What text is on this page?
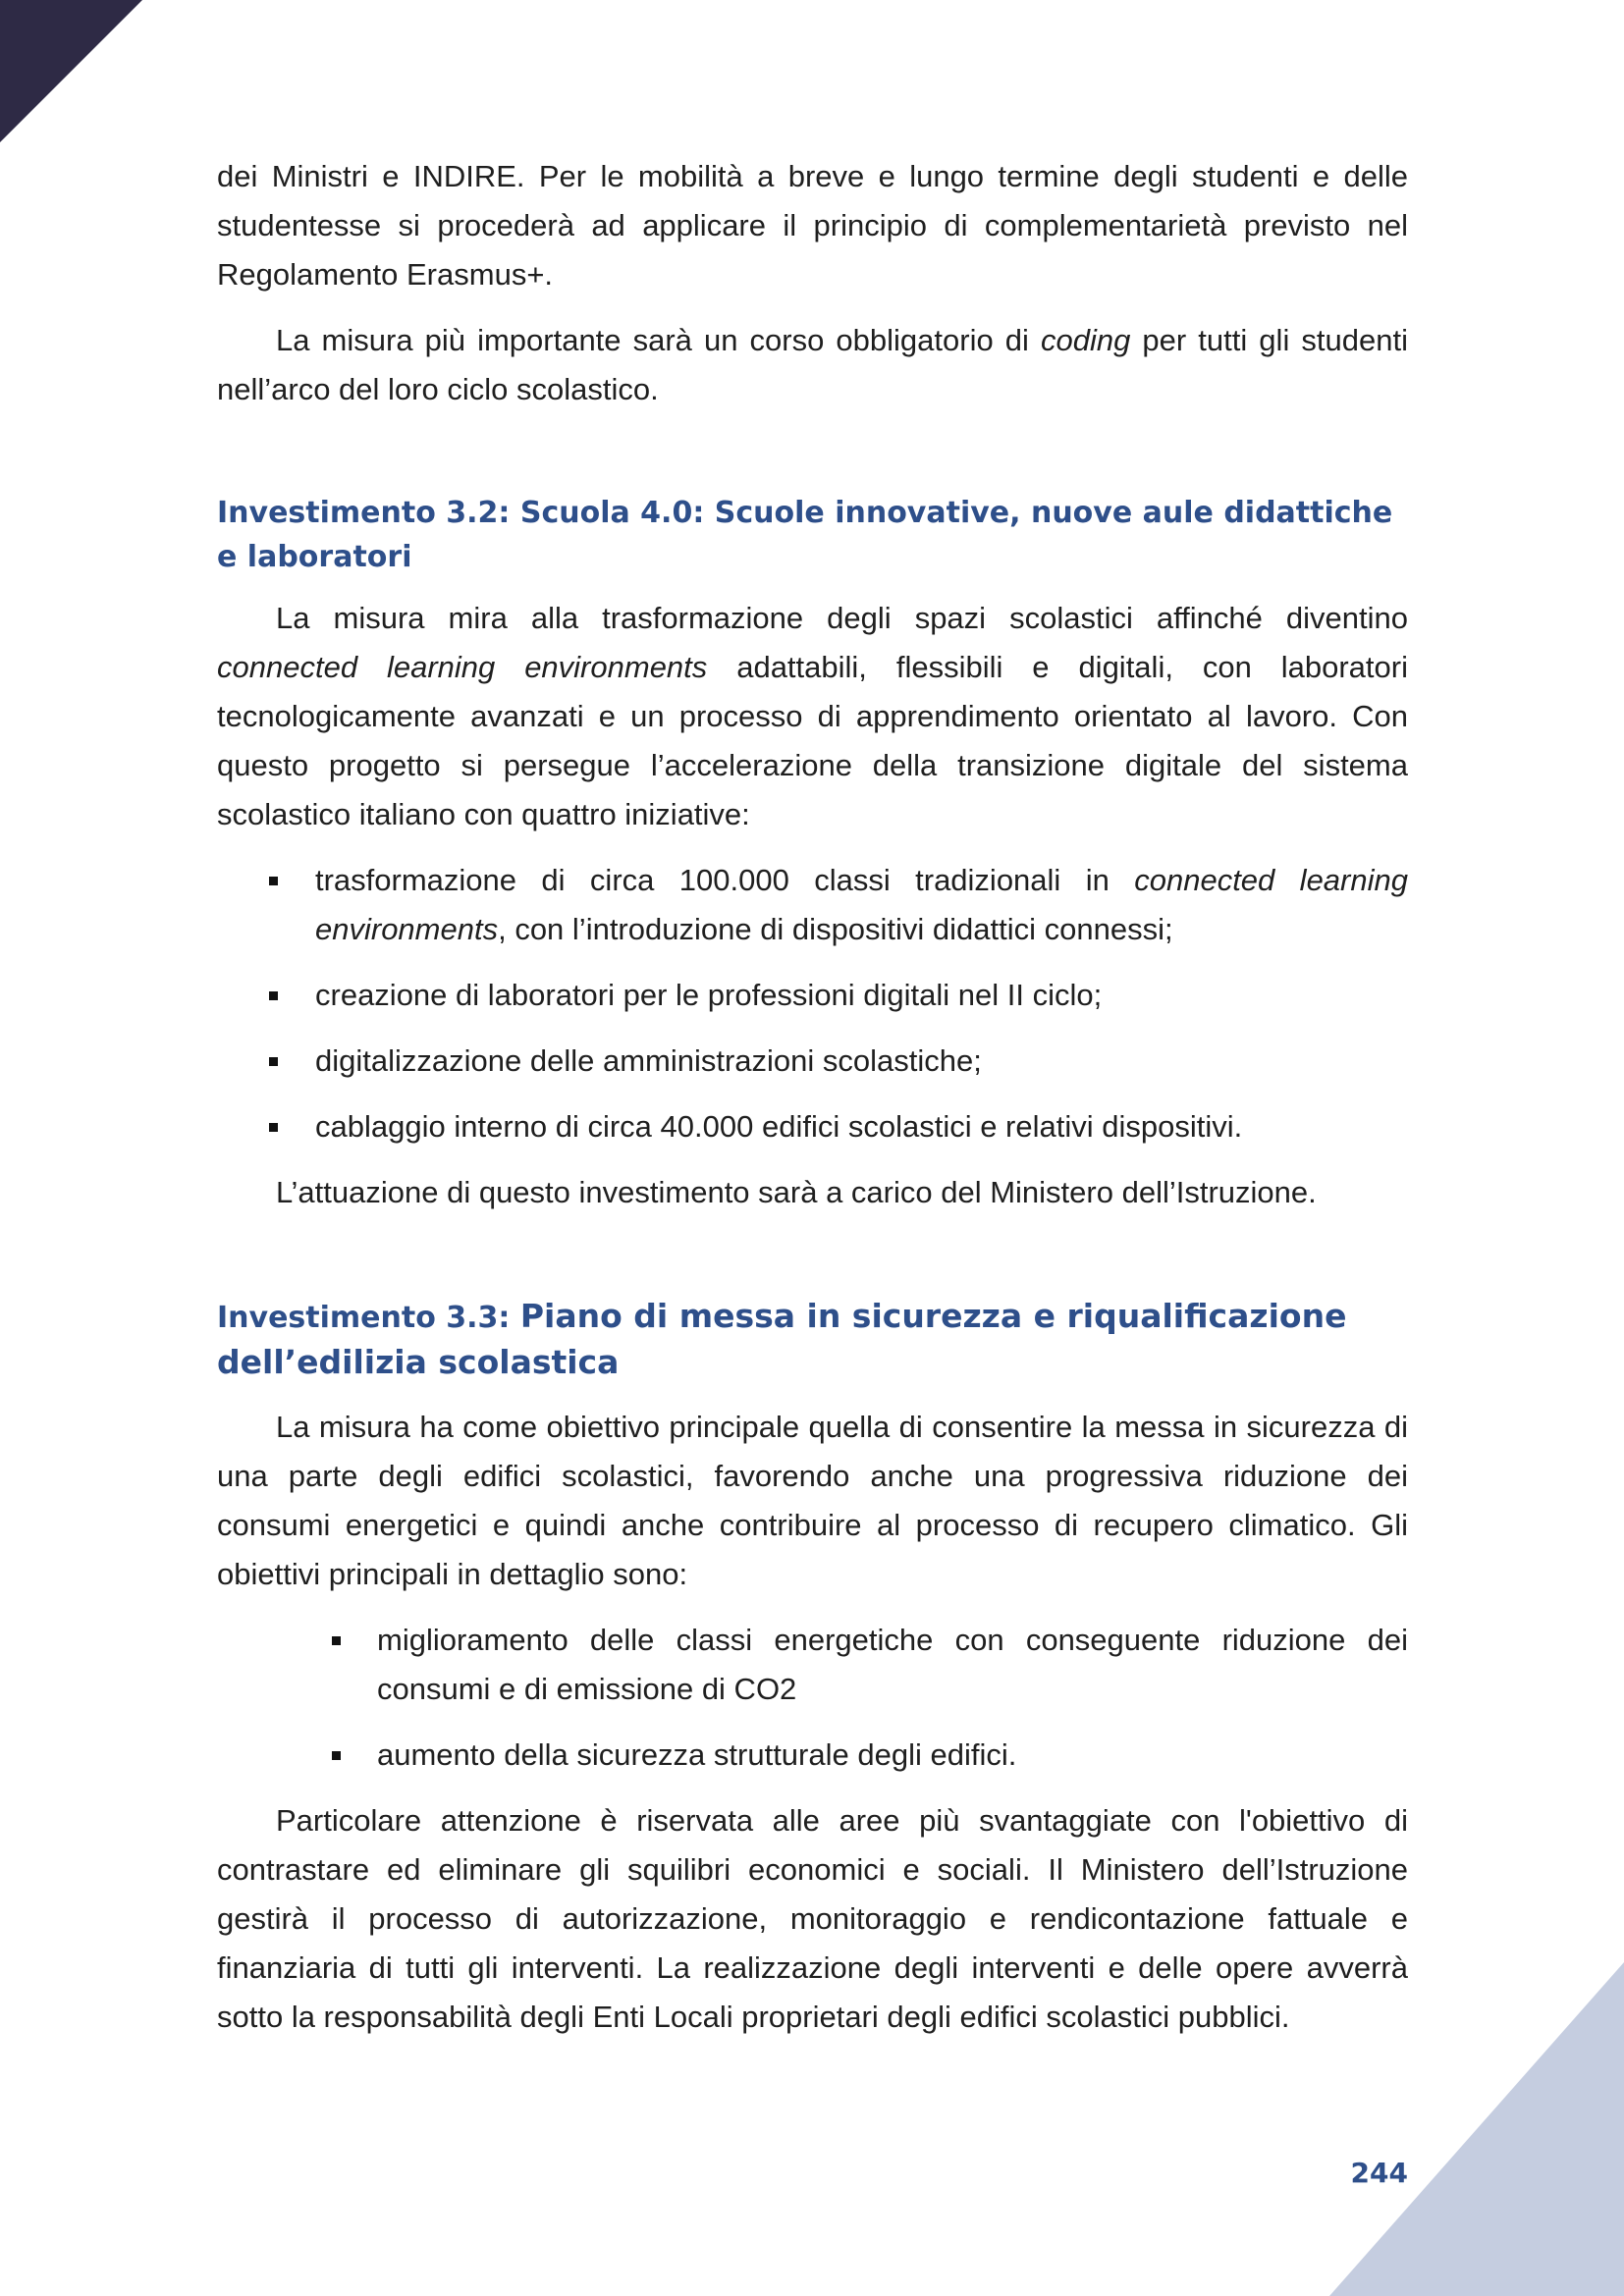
dei Ministri e INDIRE. Per le mobilità a breve e lungo termine degli studenti e delle studentesse si procederà ad applicare il principio di complementarietà previsto nel Regolamento Erasmus+.

La misura più importante sarà un corso obbligatorio di coding per tutti gli studenti nell’arco del loro ciclo scolastico.

Investimento 3.2: Scuola 4.0: Scuole innovative, nuove aule didattiche e laboratori

La misura mira alla trasformazione degli spazi scolastici affinché diventino connected learning environments adattabili, flessibili e digitali, con laboratori tecnologicamente avanzati e un processo di apprendimento orientato al lavoro. Con questo progetto si persegue l’accelerazione della transizione digitale del sistema scolastico italiano con quattro iniziative:

trasformazione di circa 100.000 classi tradizionali in connected learning environments, con l’introduzione di dispositivi didattici connessi;
creazione di laboratori per le professioni digitali nel II ciclo;
digitalizzazione delle amministrazioni scolastiche;
cablaggio interno di circa 40.000 edifici scolastici e relativi dispositivi.

L’attuazione di questo investimento sarà a carico del Ministero dell’Istruzione.

Investimento 3.3: Piano di messa in sicurezza e riqualificazione dell’edilizia scolastica

La misura ha come obiettivo principale quella di consentire la messa in sicurezza di una parte degli edifici scolastici, favorendo anche una progressiva riduzione dei consumi energetici e quindi anche contribuire al processo di recupero climatico. Gli obiettivi principali in dettaglio sono:

miglioramento delle classi energetiche con conseguente riduzione dei consumi e di emissione di CO2
aumento della sicurezza strutturale degli edifici.

Particolare attenzione è riservata alle aree più svantaggiate con l'obiettivo di contrastare ed eliminare gli squilibri economici e sociali. Il Ministero dell’Istruzione gestirà il processo di autorizzazione, monitoraggio e rendicontazione fattuale e finanziaria di tutti gli interventi. La realizzazione degli interventi e delle opere avverrà sotto la responsabilità degli Enti Locali proprietari degli edifici scolastici pubblici.

244
